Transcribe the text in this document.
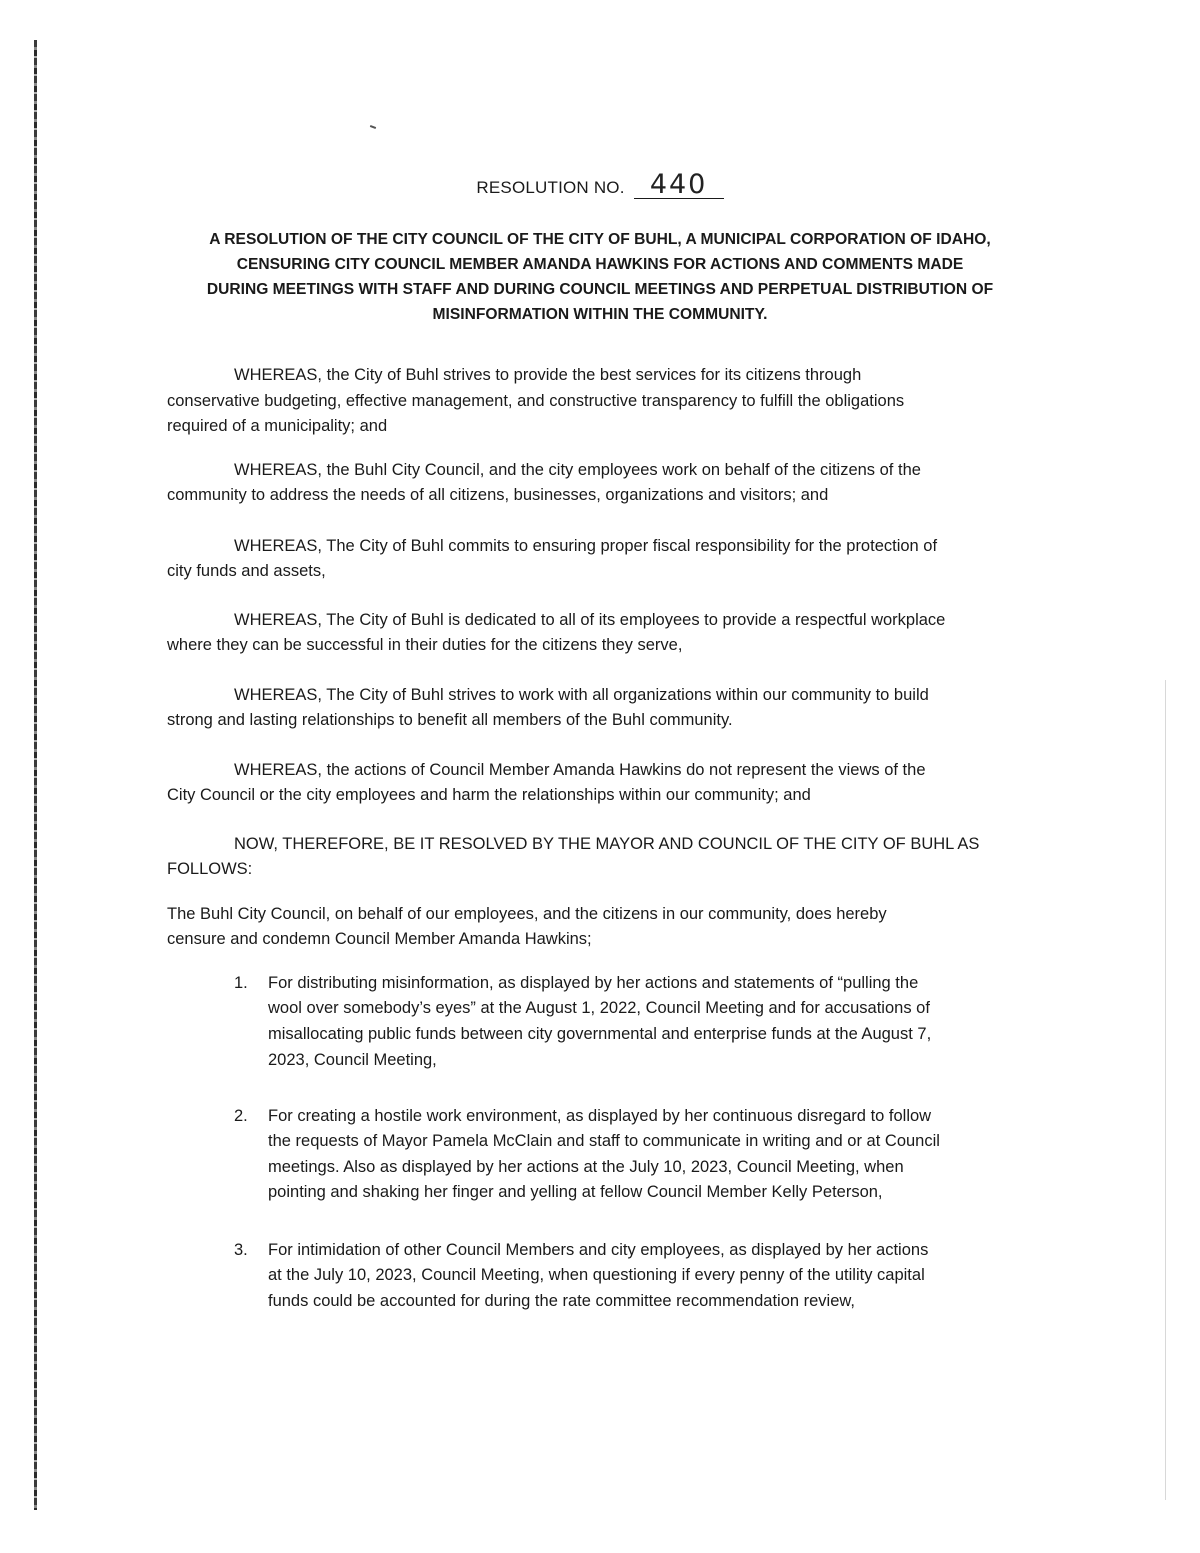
RESOLUTION NO. 440
A RESOLUTION OF THE CITY COUNCIL OF THE CITY OF BUHL, A MUNICIPAL CORPORATION OF IDAHO,
CENSURING CITY COUNCIL MEMBER AMANDA HAWKINS FOR ACTIONS AND COMMENTS MADE
DURING MEETINGS WITH STAFF AND DURING COUNCIL MEETINGS AND PERPETUAL DISTRIBUTION OF
MISINFORMATION WITHIN THE COMMUNITY.
WHEREAS, the City of Buhl strives to provide the best services for its citizens through
conservative budgeting, effective management, and constructive transparency to fulfill the obligations
required of a municipality; and
WHEREAS, the Buhl City Council, and the city employees work on behalf of the citizens of the
community to address the needs of all citizens, businesses, organizations and visitors; and
WHEREAS, The City of Buhl commits to ensuring proper fiscal responsibility for the protection of
city funds and assets,
WHEREAS, The City of Buhl is dedicated to all of its employees to provide a respectful workplace
where they can be successful in their duties for the citizens they serve,
WHEREAS, The City of Buhl strives to work with all organizations within our community to build
strong and lasting relationships to benefit all members of the Buhl community.
WHEREAS, the actions of Council Member Amanda Hawkins do not represent the views of the
City Council or the city employees and harm the relationships within our community; and
NOW, THEREFORE, BE IT RESOLVED BY THE MAYOR AND COUNCIL OF THE CITY OF BUHL AS
FOLLOWS:
The Buhl City Council, on behalf of our employees, and the citizens in our community, does hereby
censure and condemn Council Member Amanda Hawkins;
1. For distributing misinformation, as displayed by her actions and statements of “pulling the
wool over somebody’s eyes” at the August 1, 2022, Council Meeting and for accusations of
misallocating public funds between city governmental and enterprise funds at the August 7,
2023, Council Meeting,
2. For creating a hostile work environment, as displayed by her continuous disregard to follow
the requests of Mayor Pamela McClain and staff to communicate in writing and or at Council
meetings. Also as displayed by her actions at the July 10, 2023, Council Meeting, when
pointing and shaking her finger and yelling at fellow Council Member Kelly Peterson,
3. For intimidation of other Council Members and city employees, as displayed by her actions
at the July 10, 2023, Council Meeting, when questioning if every penny of the utility capital
funds could be accounted for during the rate committee recommendation review,
